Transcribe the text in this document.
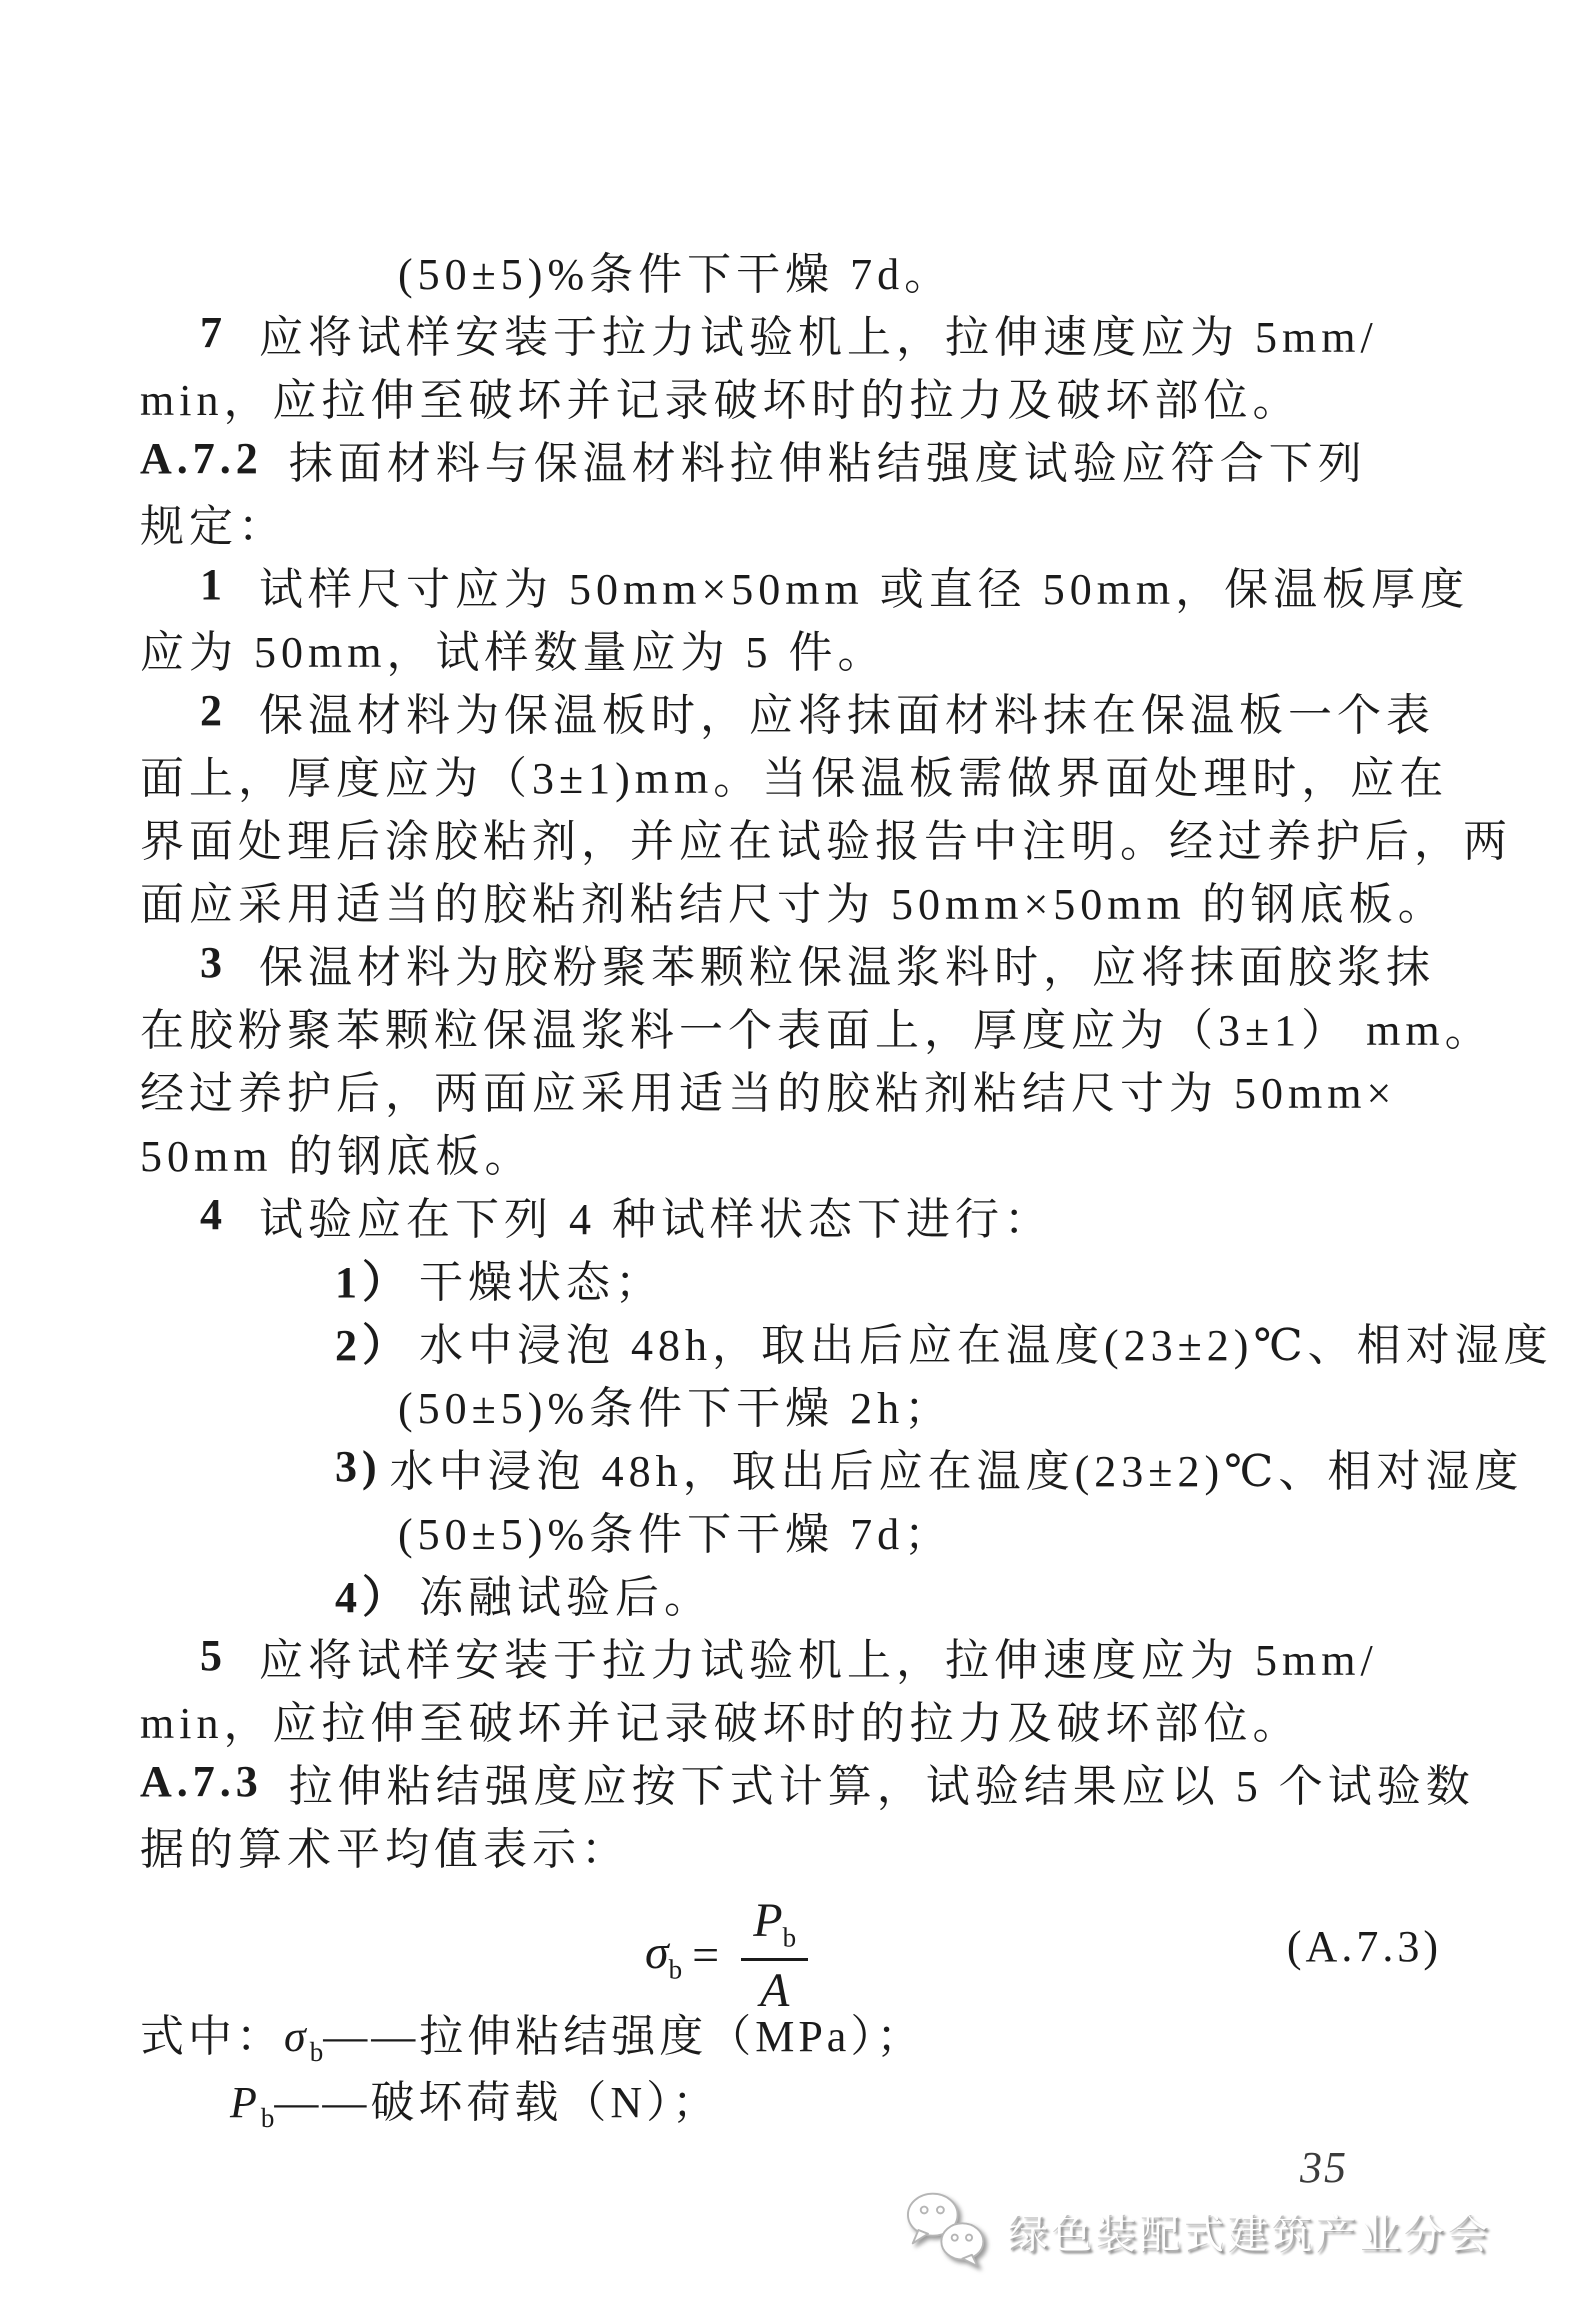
(50±5)%条件下干燥 7d。
7 应将试样安装于拉力试验机上，拉伸速度应为 5mm/
min，应拉伸至破坏并记录破坏时的拉力及破坏部位。
A.7.2 抹面材料与保温材料拉伸粘结强度试验应符合下列
规定：
1 试样尺寸应为 50mm×50mm 或直径 50mm，保温板厚度
应为 50mm，试样数量应为 5 件。
2 保温材料为保温板时，应将抹面材料抹在保温板一个表
面上，厚度应为（3±1)mm。当保温板需做界面处理时，应在
界面处理后涂胶粘剂，并应在试验报告中注明。经过养护后，两
面应采用适当的胶粘剂粘结尺寸为 50mm×50mm 的钢底板。
3 保温材料为胶粉聚苯颗粒保温浆料时，应将抹面胶浆抹
在胶粉聚苯颗粒保温浆料一个表面上，厚度应为（3±1） mm。
经过养护后，两面应采用适当的胶粘剂粘结尺寸为 50mm×
50mm 的钢底板。
4 试验应在下列 4 种试样状态下进行：
1） 干燥状态；
2） 水中浸泡 48h，取出后应在温度(23±2)℃、相对湿度
(50±5)%条件下干燥 2h；
3) 水中浸泡 48h，取出后应在温度(23±2)℃、相对湿度
(50±5)%条件下干燥 7d；
4） 冻融试验后。
5 应将试样安装于拉力试验机上，拉伸速度应为 5mm/
min，应拉伸至破坏并记录破坏时的拉力及破坏部位。
A.7.3 拉伸粘结强度应按下式计算，试验结果应以 5 个试验数
据的算术平均值表示：
$\sigma_b = \frac{P_b}{A}$	(A.7.3)
式中：$\sigma_b——$拉伸粘结强度（MPa）；
$P_b——$破坏荷载（N）；
35
绿色装配式建筑产业分会
